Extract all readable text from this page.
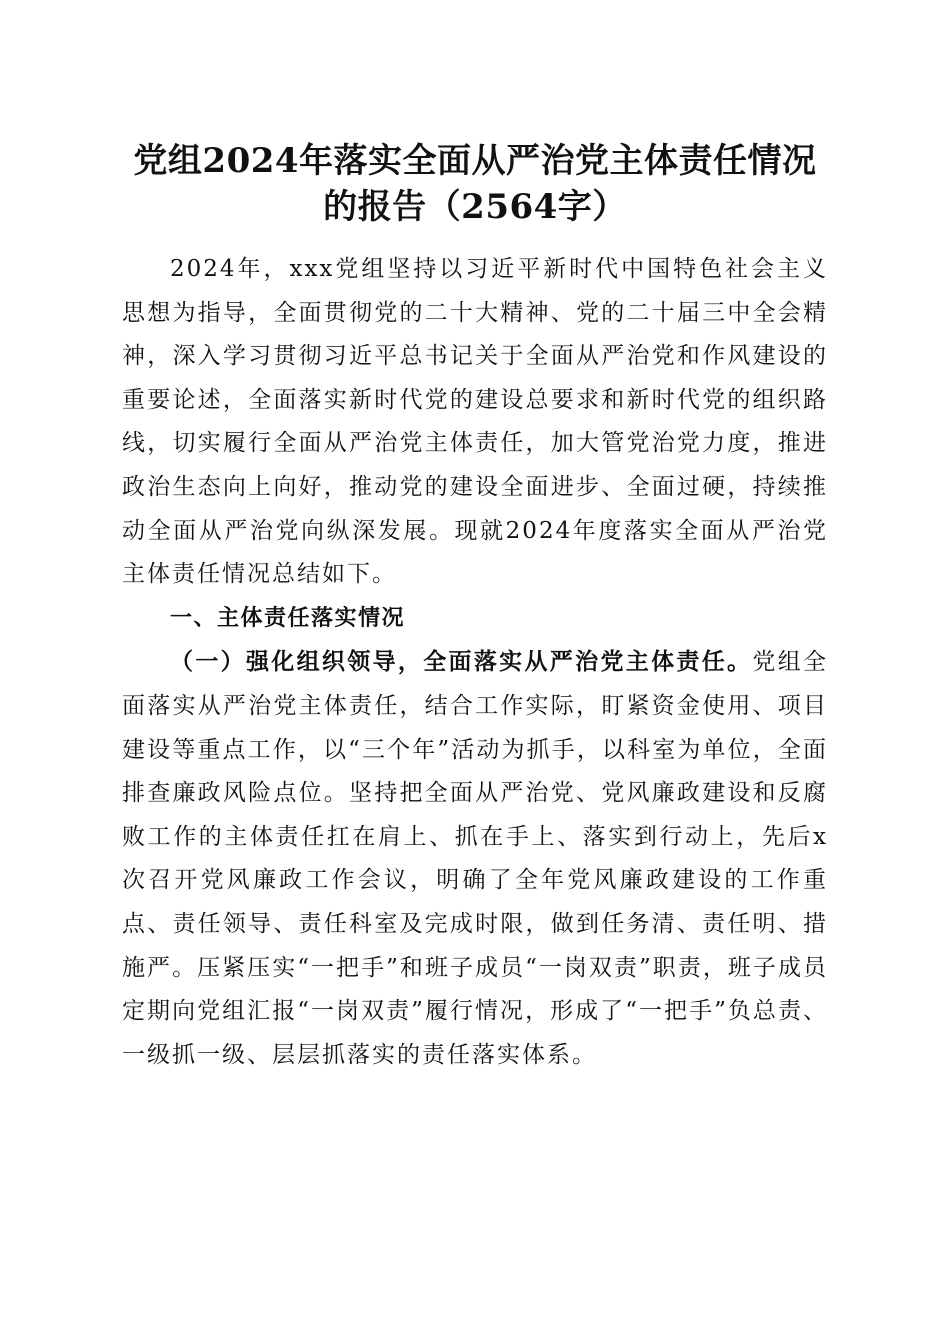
党组2024年落实全面从严治党主体责任情况
的报告（2564字）

2024年，xxx党组坚持以习近平新时代中国特色社会主义思想为指导，全面贯彻党的二十大精神、党的二十届三中全会精神，深入学习贯彻习近平总书记关于全面从严治党和作风建设的重要论述，全面落实新时代党的建设总要求和新时代党的组织路线，切实履行全面从严治党主体责任，加大管党治党力度，推进政治生态向上向好，推动党的建设全面进步、全面过硬，持续推动全面从严治党向纵深发展。现就2024年度落实全面从严治党主体责任情况总结如下。

一、主体责任落实情况

（一）强化组织领导，全面落实从严治党主体责任。党组全面落实从严治党主体责任，结合工作实际，盯紧资金使用、项目建设等重点工作，以“三个年”活动为抓手，以科室为单位，全面排查廉政风险点位。坚持把全面从严治党、党风廉政建设和反腐败工作的主体责任扛在肩上、抓在手上、落实到行动上，先后x次召开党风廉政工作会议，明确了全年党风廉政建设的工作重点、责任领导、责任科室及完成时限，做到任务清、责任明、措施严。压紧压实“一把手”和班子成员“一岗双责”职责，班子成员定期向党组汇报“一岗双责”履行情况，形成了“一把手”负总责、一级抓一级、层层抓落实的责任落实体系。
